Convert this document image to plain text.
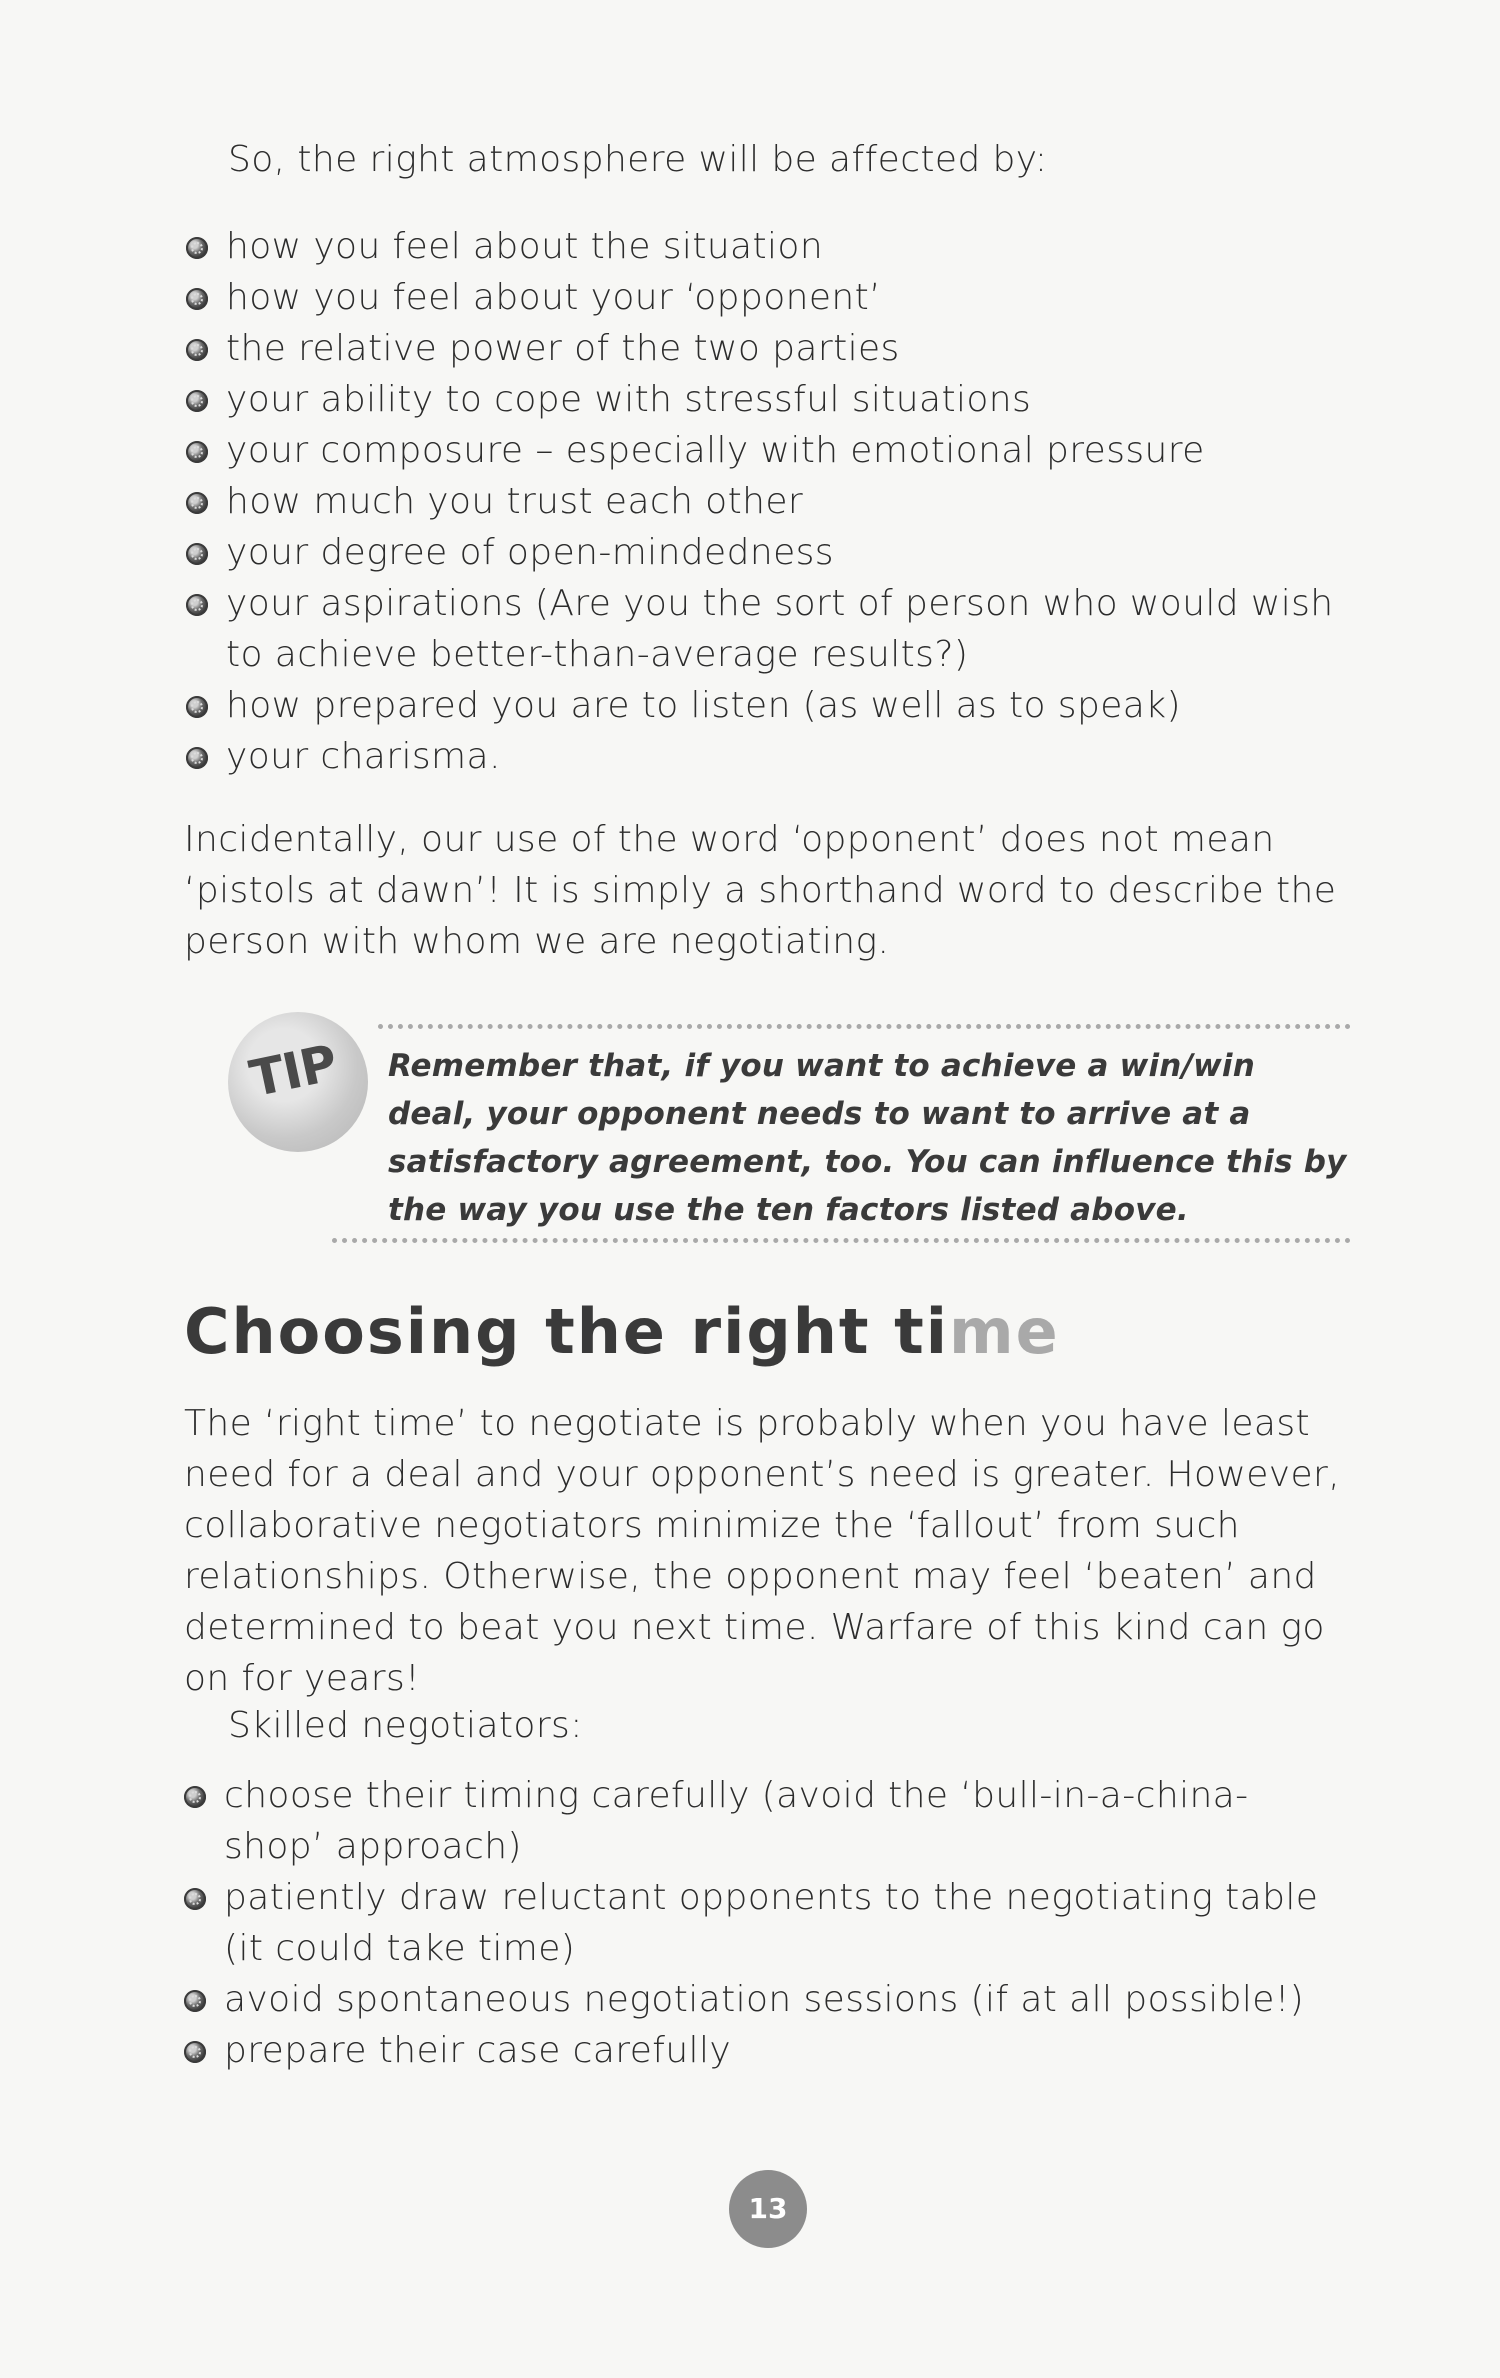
So, the right atmosphere will be affected by:

how you feel about the situation
how you feel about your ‘opponent’
the relative power of the two parties
your ability to cope with stressful situations
your composure – especially with emotional pressure
how much you trust each other
your degree of open-mindedness
your aspirations (Are you the sort of person who would wish to achieve better-than-average results?)
how prepared you are to listen (as well as to speak)
your charisma.

Incidentally, our use of the word ‘opponent’ does not mean ‘pistols at dawn’! It is simply a shorthand word to describe the person with whom we are negotiating.

TIP Remember that, if you want to achieve a win/win deal, your opponent needs to want to arrive at a satisfactory agreement, too. You can influence this by the way you use the ten factors listed above.

Choosing the right time

The ‘right time’ to negotiate is probably when you have least need for a deal and your opponent’s need is greater. However, collaborative negotiators minimize the ‘fallout’ from such relationships. Otherwise, the opponent may feel ‘beaten’ and determined to beat you next time. Warfare of this kind can go on for years!

Skilled negotiators:

choose their timing carefully (avoid the ‘bull-in-a-china-shop’ approach)
patiently draw reluctant opponents to the negotiating table (it could take time)
avoid spontaneous negotiation sessions (if at all possible!)
prepare their case carefully
13
